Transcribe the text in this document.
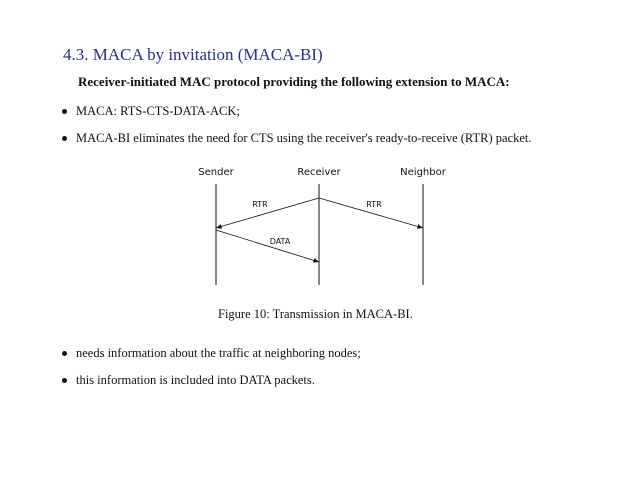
4.3. MACA by invitation (MACA-BI)
Receiver-initiated MAC protocol providing the following extension to MACA:
MACA: RTS-CTS-DATA-ACK;
MACA-BI eliminates the need for CTS using the receiver's ready-to-receive (RTR) packet.
Sender	Receiver	Neighbor
RTR	RTR
DATA
Figure 10: Transmission in MACA-BI.
needs information about the traffic at neighboring nodes;
this information is included into DATA packets.
